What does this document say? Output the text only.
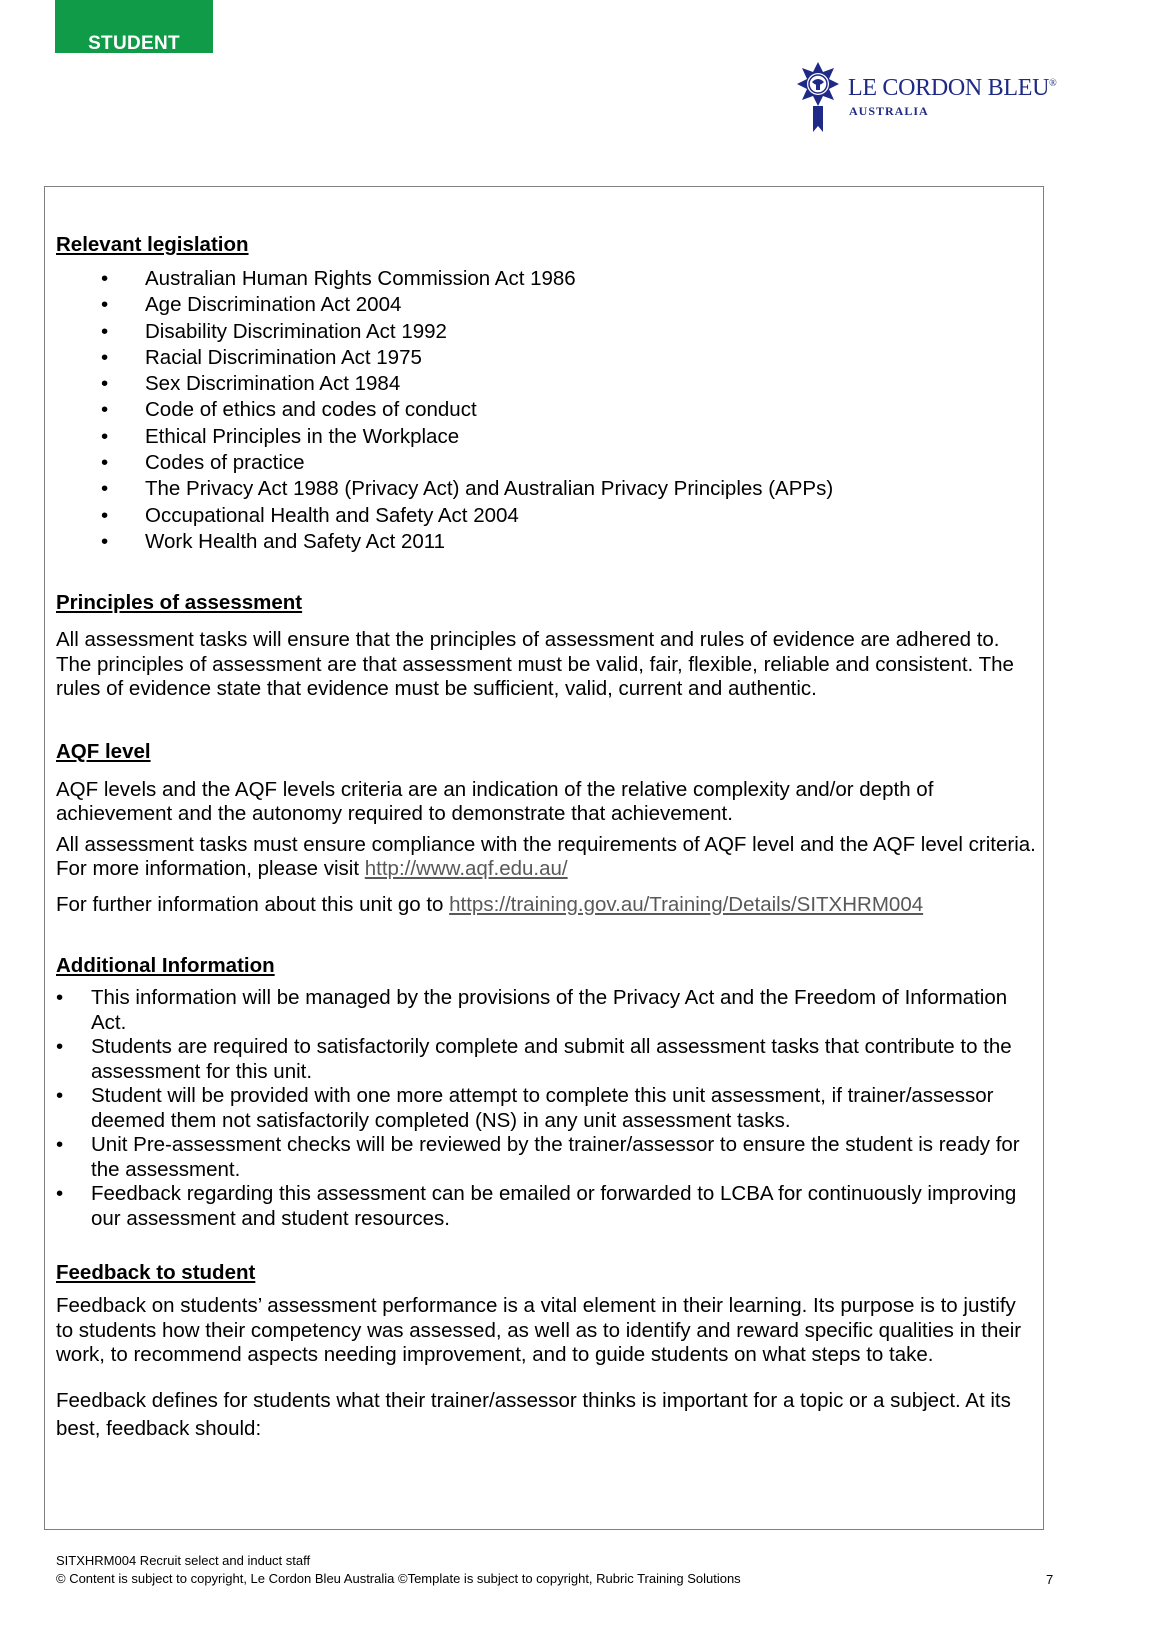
STUDENT
LE CORDON BLEU®
AUSTRALIA
Relevant legislation
• Australian Human Rights Commission Act 1986
• Age Discrimination Act 2004
• Disability Discrimination Act 1992
• Racial Discrimination Act 1975
• Sex Discrimination Act 1984
• Code of ethics and codes of conduct
• Ethical Principles in the Workplace
• Codes of practice
• The Privacy Act 1988 (Privacy Act) and Australian Privacy Principles (APPs)
• Occupational Health and Safety Act 2004
• Work Health and Safety Act 2011
Principles of assessment

All assessment tasks will ensure that the principles of assessment and rules of evidence are adhered to. The principles of assessment are that assessment must be valid, fair, flexible, reliable and consistent. The rules of evidence state that evidence must be sufficient, valid, current and authentic.

AQF level

AQF levels and the AQF levels criteria are an indication of the relative complexity and/or depth of achievement and the autonomy required to demonstrate that achievement.

All assessment tasks must ensure compliance with the requirements of AQF level and the AQF level criteria. For more information, please visit http://www.aqf.edu.au/

For further information about this unit go to https://training.gov.au/Training/Details/SITXHRM004

Additional Information
• This information will be managed by the provisions of the Privacy Act and the Freedom of Information Act.
• Students are required to satisfactorily complete and submit all assessment tasks that contribute to the assessment for this unit.
• Student will be provided with one more attempt to complete this unit assessment, if trainer/assessor deemed them not satisfactorily completed (NS) in any unit assessment tasks.
• Unit Pre-assessment checks will be reviewed by the trainer/assessor to ensure the student is ready for the assessment.
• Feedback regarding this assessment can be emailed or forwarded to LCBA for continuously improving our assessment and student resources.
Feedback to student

Feedback on students’ assessment performance is a vital element in their learning. Its purpose is to justify to students how their competency was assessed, as well as to identify and reward specific qualities in their work, to recommend aspects needing improvement, and to guide students on what steps to take.

Feedback defines for students what their trainer/assessor thinks is important for a topic or a subject. At its best, feedback should:

SITXHRM004 Recruit select and induct staff
© Content is subject to copyright, Le Cordon Bleu Australia ©Template is subject to copyright, Rubric Training Solutions	7
